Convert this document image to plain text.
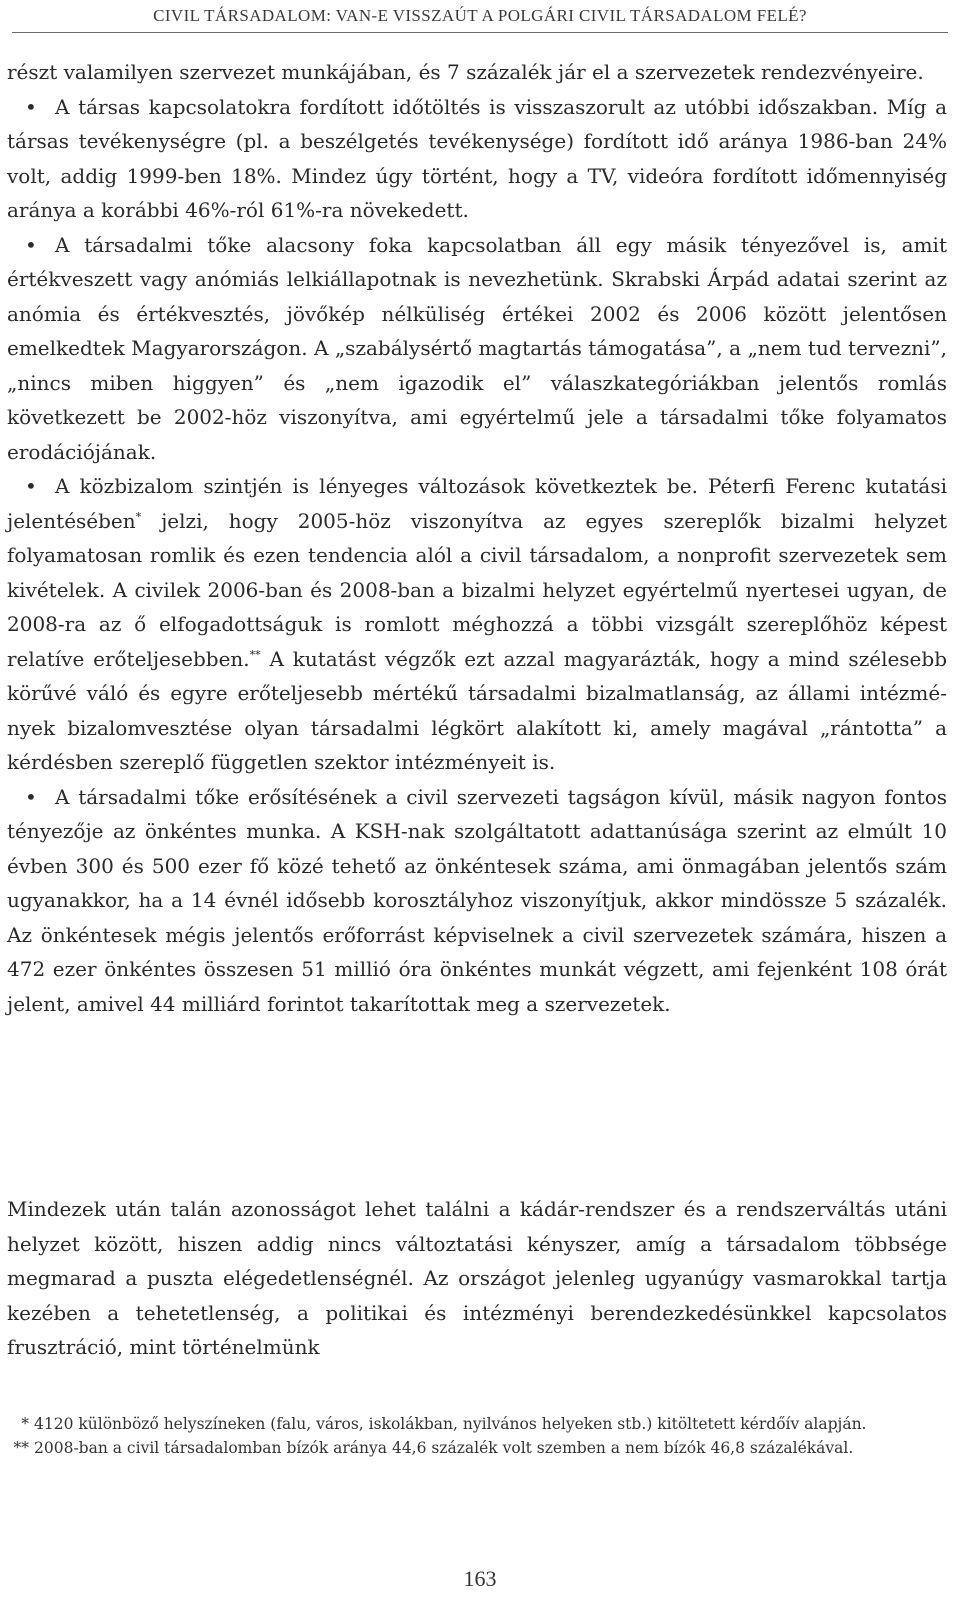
CIVIL TÁRSADALOM: VAN-E VISSZAÚT A POLGÁRI CIVIL TÁRSADALOM FELÉ?

részt valamilyen szervezet munkájában, és 7 százalék jár el a szervezetek rendezvényeire.

• A társas kapcsolatokra fordított időtöltés is visszaszorult az utóbbi időszakban. Míg a társas tevékenységre (pl. a beszélgetés tevékenysége) fordított idő aránya 1986-ban 24% volt, addig 1999-ben 18%. Mindez úgy történt, hogy a TV, videóra fordított időmennyiség aránya a korábbi 46%-ról 61%-ra növekedett.

• A társadalmi tőke alacsony foka kapcsolatban áll egy másik tényezővel is, amit értékveszett vagy anómiás lelkiállapotnak is nevezhetünk. Skrabski Árpád adatai szerint az anómia és értékvesztés, jövőkép nélküliség értékei 2002 és 2006 között jelentősen emelkedtek Magyarországon. A „szabálysértő magtartás támogatása”, a „nem tud tervezni”, „nincs miben higgyen” és „nem igazodik el” válaszkategóriákban jelentős romlás következett be 2002-höz viszonyítva, ami egyértelmű jele a társadalmi tőke folyamatos erodációjának.

• A közbizalom szintjén is lényeges változások következtek be. Péterfi Ferenc kutatási jelentésében* jelzi, hogy 2005-höz viszonyítva az egyes szereplők bizalmi helyzet folyamatosan romlik és ezen tendencia alól a civil társadalom, a nonprofit szervezetek sem kivételek. A civilek 2006-ban és 2008-ban a bizalmi helyzet egyértelmű nyertesei ugyan, de 2008-ra az ő elfogadottságuk is romlott méghozzá a többi vizsgált szereplőhöz képest relatíve erőteljesebben.** A kutatást végzők ezt azzal magyarázták, hogy a mind szélesebb körűvé váló és egyre erőteljesebb mértékű társadalmi bizalmatlanság, az állami intézmények bizalomvesztése olyan társadalmi légkört alakított ki, amely magával „rántotta” a kérdésben szereplő független szektor intézményeit is.

• A társadalmi tőke erősítésének a civil szervezeti tagságon kívül, másik nagyon fontos tényezője az önkéntes munka. A KSH-nak szolgáltatott adattanúsága szerint az elmúlt 10 évben 300 és 500 ezer fő közé tehető az önkéntesek száma, ami önmagában jelentős szám ugyanakkor, ha a 14 évnél idősebb korosztályhoz viszonyítjuk, akkor mindössze 5 százalék. Az önkéntesek mégis jelentős erőforrást képviselnek a civil szervezetek számára, hiszen a 472 ezer önkéntes összesen 51 millió óra önkéntes munkát végzett, ami fejenként 108 órát jelent, amivel 44 milliárd forintot takarítottak meg a szervezetek.

Mindezek után talán azonosságot lehet találni a kádár-rendszer és a rendszerváltás utáni helyzet között, hiszen addig nincs változtatási kényszer, amíg a társadalom többsége megmarad a puszta elégedetlenségnél. Az országot jelenleg ugyanúgy vasmarokkal tartja kezében a tehetetlenség, a politikai és intézményi berendezkedésünkkel kapcsolatos frusztráció, mint történelmünk

* 4120 különböző helyszíneken (falu, város, iskolákban, nyilvános helyeken stb.) kitöltetett kérdőív alapján.

** 2008-ban a civil társadalomban bízók aránya 44,6 százalék volt szemben a nem bízók 46,8 százalékával.

163
